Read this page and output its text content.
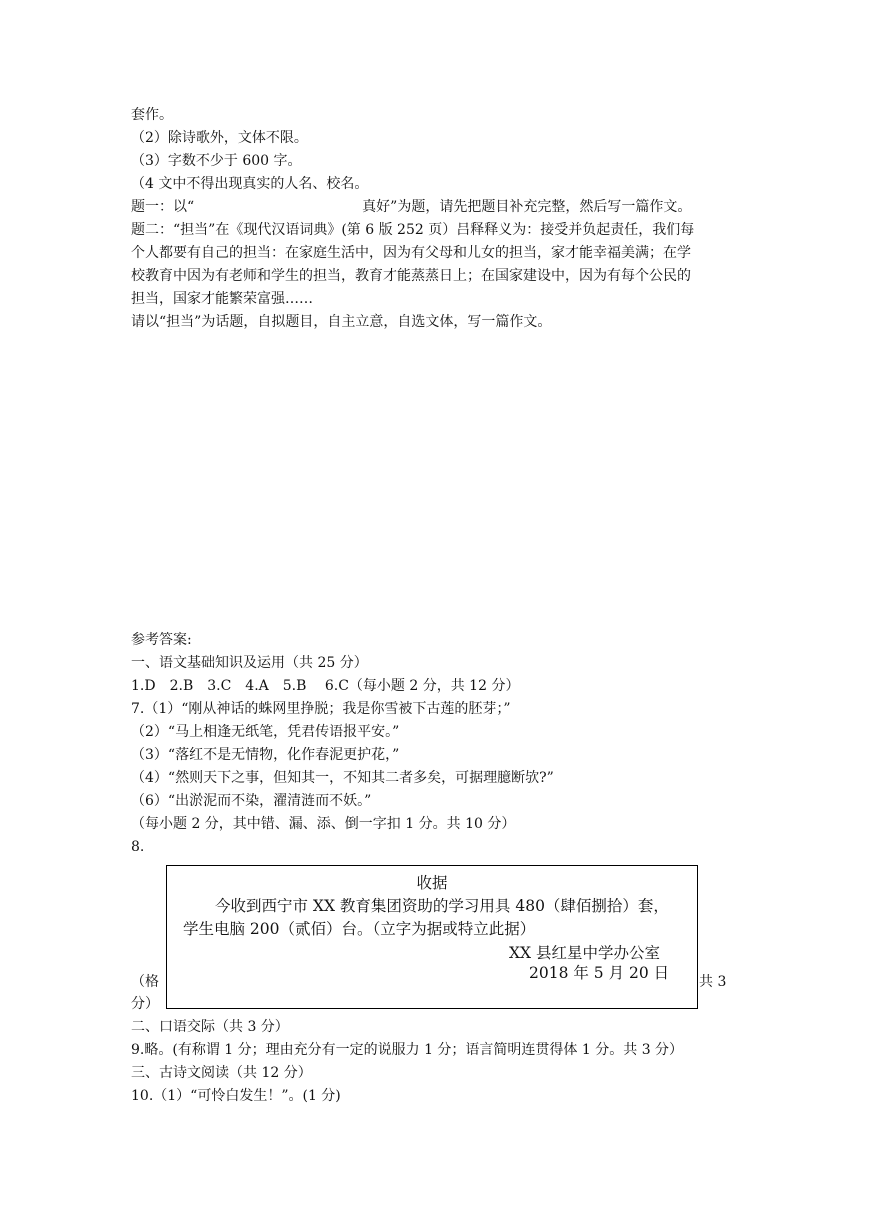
套作。
（2）除诗歌外，文体不限。
（3）字数不少于 600 字。
（4 文中不得出现真实的人名、校名。
题一：以“	真好”为题，请先把题目补充完整，然后写一篇作文。
题二：“担当”在《现代汉语词典》(第 6 版 252 页）吕释释义为：接受并负起责任，我们每
个人都要有自己的担当：在家庭生活中，因为有父母和儿女的担当，家才能幸福美满；在学
校教育中因为有老师和学生的担当，教育才能蒸蒸日上；在国家建设中，因为有每个公民的
担当，国家才能繁荣富强……
请以“担当”为话题，自拟题目，自主立意，自选文体，写一篇作文。
参考答案:
一、语文基础知识及运用（共 25 分）
1.D　2.B　3.C　4.A　5.B　 6.C（每小题 2 分，共 12 分）
7.（1）“刚从神话的蛛网里挣脱；我是你雪被下古莲的胚芽；”
（2）“马上相逢无纸笔，凭君传语报平安。”
（3）“落红不是无情物，化作春泥更护花，”
（4）“然则天下之事，但知其一，不知其二者多矣，可据理臆断欤?”
（6）“出淤泥而不染，濯清涟而不妖。”
（每小题 2 分，其中错、漏、添、倒一字扣 1 分。共 10 分）
8.
（格	共 3
分）
收据
今收到西宁市 XX 教育集团资助的学习用具 480（肆佰捌拾）套，
学生电脑 200（贰佰）台。（立字为据或特立此据）
XX 县红星中学办公室
2018 年 5 月 20 日
二、口语交际（共 3 分）
9.略。(有称谓 1 分；理由充分有一定的说服力 1 分；语言简明连贯得体 1 分。共 3 分）
三、古诗文阅读（共 12 分）
10.（1）“可怜白发生！”。(1 分)
